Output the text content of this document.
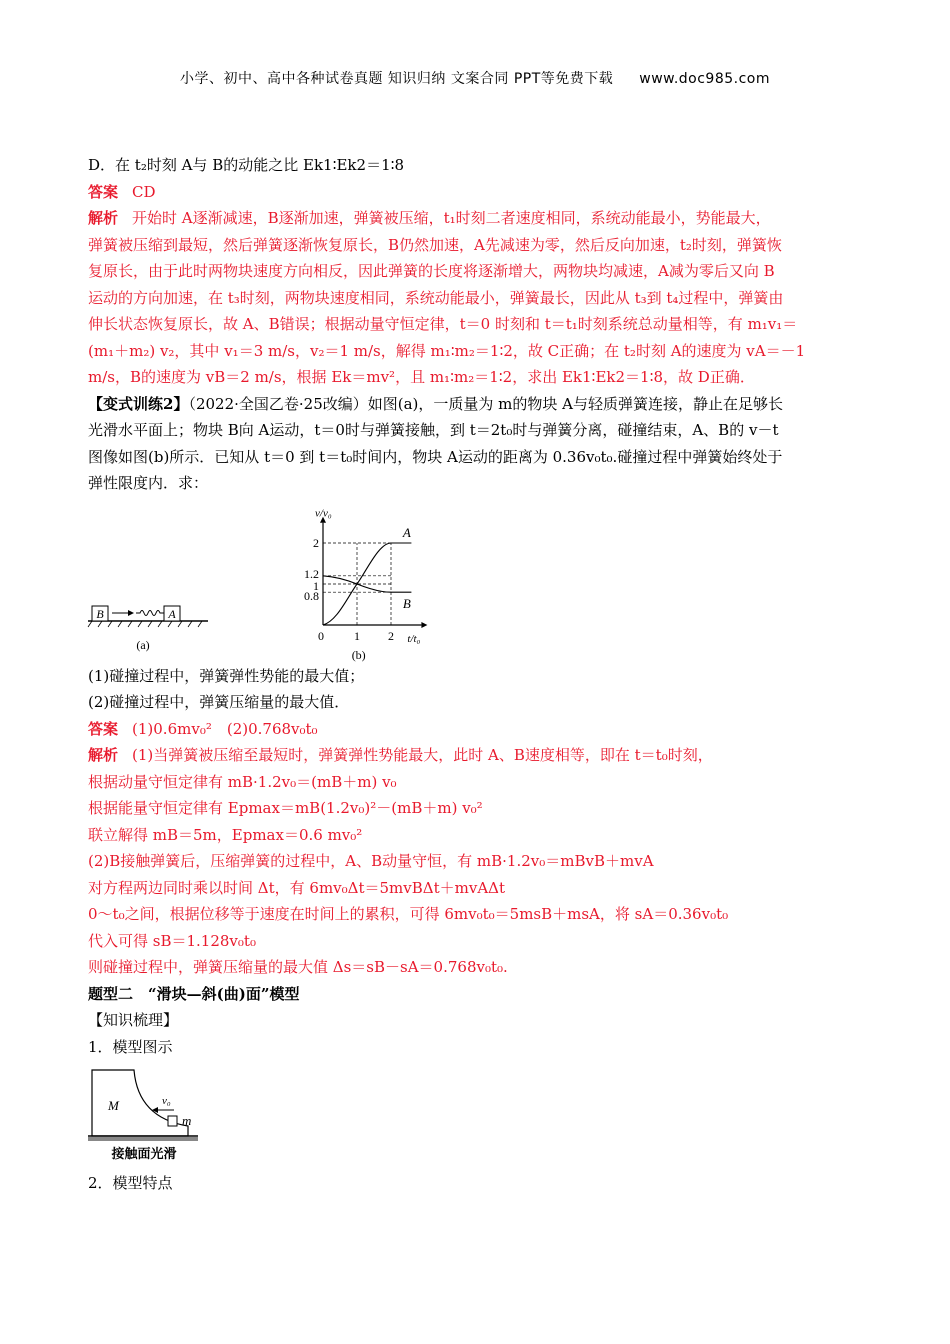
小学、初中、高中各种试卷真题 知识归纳 文案合同 PPT等免费下载 www.doc985.com

D．在 t₂时刻 A与 B的动能之比 Ek1∶Ek2＝1∶8

答案 CD

解析 开始时 A逐渐减速，B逐渐加速，弹簧被压缩，t₁时刻二者速度相同，系统动能最小，势能最大，

弹簧被压缩到最短，然后弹簧逐渐恢复原长，B仍然加速，A先减速为零，然后反向加速，t₂时刻，弹簧恢

复原长，由于此时两物块速度方向相反，因此弹簧的长度将逐渐增大，两物块均减速，A减为零后又向 B

运动的方向加速，在 t₃时刻，两物块速度相同，系统动能最小，弹簧最长，因此从 t₃到 t₄过程中，弹簧由

伸长状态恢复原长，故 A、B错误；根据动量守恒定律，t＝0 时刻和 t＝t₁时刻系统总动量相等，有 m₁v₁＝

(m₁＋m₂) v₂，其中 v₁＝3 m/s，v₂＝1 m/s，解得 m₁∶m₂＝1∶2，故 C正确；在 t₂时刻 A的速度为 vA＝－1

m/s，B的速度为 vB＝2 m/s，根据 Ek＝mv²，且 m₁∶m₂＝1∶2，求出 Ek1∶Ek2＝1∶8，故 D正确．

【变式训练2】（2022·全国乙卷·25改编）如图(a)，一质量为 m的物块 A与轻质弹簧连接，静止在足够长

光滑水平面上；物块 B向 A运动，t＝0时与弹簧接触，到 t＝2t₀时与弹簧分离，碰撞结束，A、B的 v－t

图像如图(b)所示．已知从 t＝0 到 t＝t₀时间内，物块 A运动的距离为 0.36v₀t₀.碰撞过程中弹簧始终处于

弹性限度内．求：

B	A
(a)
A
B
2
1.2
1
0.8
0	1 2
v/v₀
t/t₀
(b)

(1)碰撞过程中，弹簧弹性势能的最大值；

(2)碰撞过程中，弹簧压缩量的最大值．

答案 (1)0.6mv₀²　(2)0.768v₀t₀

解析 (1)当弹簧被压缩至最短时，弹簧弹性势能最大，此时 A、B速度相等，即在 t＝t₀时刻，

根据动量守恒定律有 mB·1.2v₀＝(mB＋m) v₀

根据能量守恒定律有 Epmax＝mB(1.2v₀)²－(mB＋m) v₀²

联立解得 mB＝5m，Epmax＝0.6 mv₀²

(2)B接触弹簧后，压缩弹簧的过程中，A、B动量守恒，有 mB·1.2v₀＝mBvB＋mvA

对方程两边同时乘以时间 Δt，有 6mv₀Δt＝5mvBΔt＋mvAΔt

0～t₀之间，根据位移等于速度在时间上的累积，可得 6mv₀t₀＝5msB＋msA，将 sA＝0.36v₀t₀

代入可得 sB＝1.128v₀t₀

则碰撞过程中，弹簧压缩量的最大值 Δs＝sB－sA＝0.768v₀t₀.

题型二　“滑块—斜(曲)面”模型

【知识梳理】

1．模型图示

M
m
v₀
接触面光滑

2．模型特点
